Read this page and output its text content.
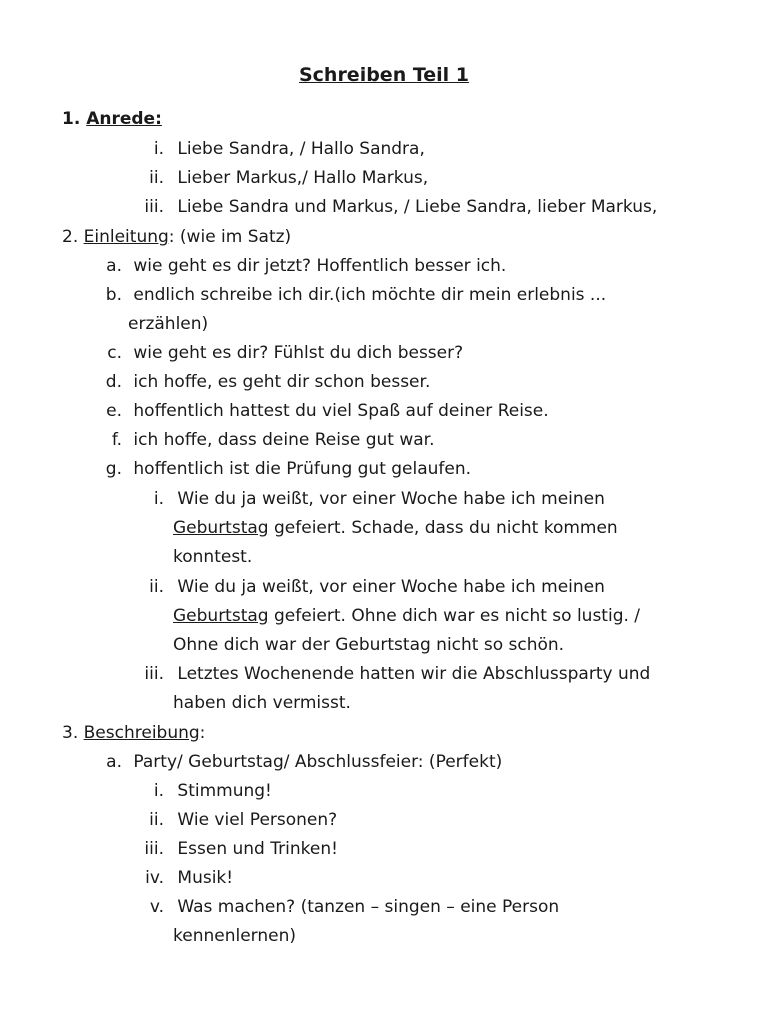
Schreiben Teil 1
1. Anrede:
i. Liebe Sandra, / Hallo Sandra,
ii. Lieber Markus,/ Hallo Markus,
iii. Liebe Sandra und Markus, / Liebe Sandra, lieber Markus,
2. Einleitung: (wie im Satz)
a. wie geht es dir jetzt? Hoffentlich besser ich.
b. endlich schreibe ich dir.(ich möchte dir mein erlebnis ...
erzählen)
c. wie geht es dir? Fühlst du dich besser?
d. ich hoffe, es geht dir schon besser.
e. hoffentlich hattest du viel Spaß auf deiner Reise.
f. ich hoffe, dass deine Reise gut war.
g. hoffentlich ist die Prüfung gut gelaufen.
i. Wie du ja weißt, vor einer Woche habe ich meinen
Geburtstag gefeiert. Schade, dass du nicht kommen
konntest.
ii. Wie du ja weißt, vor einer Woche habe ich meinen
Geburtstag gefeiert. Ohne dich war es nicht so lustig. /
Ohne dich war der Geburtstag nicht so schön.
iii. Letztes Wochenende hatten wir die Abschlussparty und
haben dich vermisst.
3. Beschreibung:
a. Party/ Geburtstag/ Abschlussfeier: (Perfekt)
i. Stimmung!
ii. Wie viel Personen?
iii. Essen und Trinken!
iv. Musik!
v. Was machen? (tanzen – singen – eine Person
kennenlernen)
